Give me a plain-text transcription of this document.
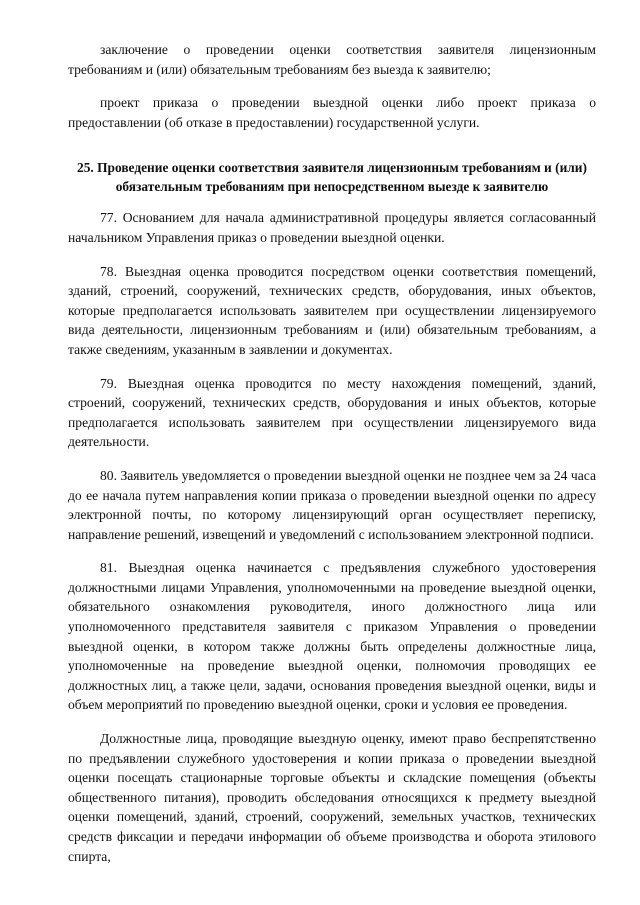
заключение о проведении оценки соответствия заявителя лицензионным требованиям и (или) обязательным требованиям без выезда к заявителю;

проект приказа о проведении выездной оценки либо проект приказа о предоставлении (об отказе в предоставлении) государственной услуги.

25. Проведение оценки соответствия заявителя лицензионным требованиям и (или) обязательным требованиям при непосредственном выезде к заявителю

77. Основанием для начала административной процедуры является согласованный начальником Управления приказ о проведении выездной оценки.

78. Выездная оценка проводится посредством оценки соответствия помещений, зданий, строений, сооружений, технических средств, оборудования, иных объектов, которые предполагается использовать заявителем при осуществлении лицензируемого вида деятельности, лицензионным требованиям и (или) обязательным требованиям, а также сведениям, указанным в заявлении и документах.

79. Выездная оценка проводится по месту нахождения помещений, зданий, строений, сооружений, технических средств, оборудования и иных объектов, которые предполагается использовать заявителем при осуществлении лицензируемого вида деятельности.

80. Заявитель уведомляется о проведении выездной оценки не позднее чем за 24 часа до ее начала путем направления копии приказа о проведении выездной оценки по адресу электронной почты, по которому лицензирующий орган осуществляет переписку, направление решений, извещений и уведомлений с использованием электронной подписи.

81. Выездная оценка начинается с предъявления служебного удостоверения должностными лицами Управления, уполномоченными на проведение выездной оценки, обязательного ознакомления руководителя, иного должностного лица или уполномоченного представителя заявителя с приказом Управления о проведении выездной оценки, в котором также должны быть определены должностные лица, уполномоченные на проведение выездной оценки, полномочия проводящих ее должностных лиц, а также цели, задачи, основания проведения выездной оценки, виды и объем мероприятий по проведению выездной оценки, сроки и условия ее проведения.

Должностные лица, проводящие выездную оценку, имеют право беспрепятственно по предъявлении служебного удостоверения и копии приказа о проведении выездной оценки посещать стационарные торговые объекты и складские помещения (объекты общественного питания), проводить обследования относящихся к предмету выездной оценки помещений, зданий, строений, сооружений, земельных участков, технических средств фиксации и передачи информации об объеме производства и оборота этилового спирта,
